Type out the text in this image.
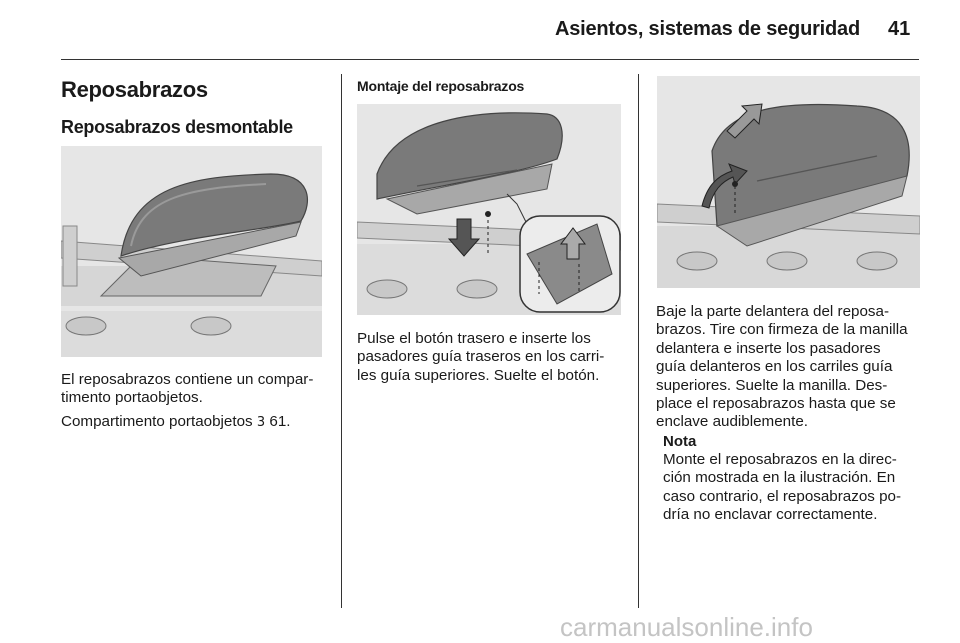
Asientos, sistemas de seguridad 41
Reposabrazos
Reposabrazos desmontable
El reposabrazos contiene un compar-
timento portaobjetos.
Compartimento portaobjetos 3 61.
Montaje del reposabrazos
Pulse el botón trasero e inserte los
pasadores guía traseros en los carri-
les guía superiores. Suelte el botón.
Baje la parte delantera del reposa-
brazos. Tire con firmeza de la manilla
delantera e inserte los pasadores
guía delanteros en los carriles guía
superiores. Suelte la manilla. Des-
place el reposabrazos hasta que se
enclave audiblemente.
Nota
Monte el reposabrazos en la direc-
ción mostrada en la ilustración. En
caso contrario, el reposabrazos po-
dría no enclavar correctamente.
carmanualsonline.info
